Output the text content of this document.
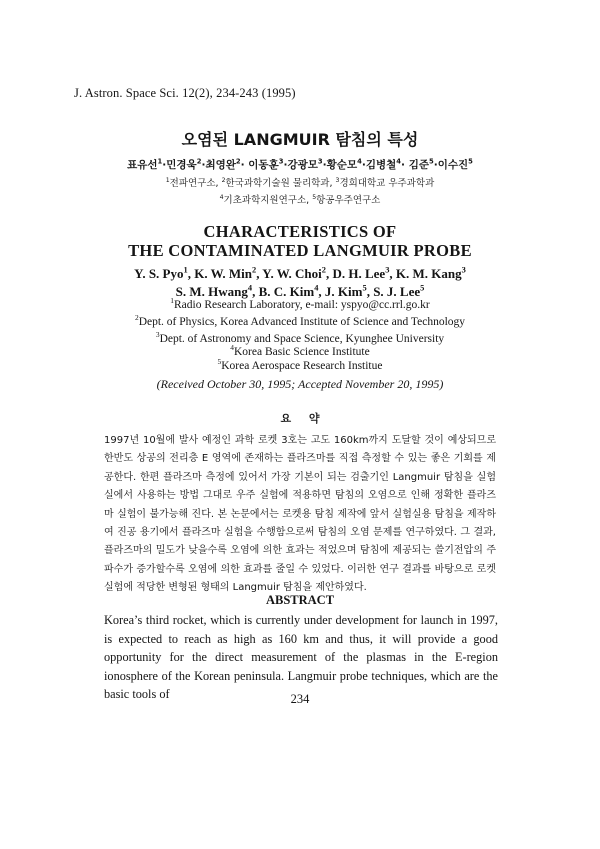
J. Astron. Space Sci. 12(2), 234-243 (1995)
오염된 LANGMUIR 탐침의 특성
표유선$^1$·민경욱$^2$·최영완$^2$· 이동훈$^3$·강광모$^3$·황순모$^4$·김병철$^4$· 김준$^5$·이수진$^5$
$^1$전파연구소, $^2$한국과학기술원 물리학과, $^3$경희대학교 우주과학과
$^4$기초과학지원연구소, $^5$항공우주연구소
CHARACTERISTICS OF
THE CONTAMINATED LANGMUIR PROBE
Y. S. Pyo$^1$, K. W. Min$^2$, Y. W. Choi$^2$, D. H. Lee$^3$, K. M. Kang$^3$
S. M. Hwang$^4$, B. C. Kim$^4$, J. Kim$^5$, S. J. Lee$^5$
$^1$Radio Research Laboratory, e-mail: yspyo@cc.rrl.go.kr
$^2$Dept. of Physics, Korea Advanced Institute of Science and Technology
$^3$Dept. of Astronomy and Space Science, Kyunghee University
$^4$Korea Basic Science Institute
$^5$Korea Aerospace Research Institue
(Received October 30, 1995; Accepted November 20, 1995)
요 약

1997년 10월에 발사 예정인 과학 로켓 3호는 고도 160km까지 도달할 것이 예상되므로 한반도 상공의 전리층 E 영역에 존재하는 플라즈마를 직접 측정할 수 있는 좋은 기회를 제공한다. 한편 플라즈마 측정에 있어서 가장 기본이 되는 검출기인 Langmuir 탐침을 실험실에서 사용하는 방법 그대로 우주 실험에 적용하면 탐침의 오염으로 인해 정확한 플라즈마 실험이 불가능해 진다. 본 논문에서는 로켓용 탐침 제작에 앞서 실험실용 탐침을 제작하여 진공 용기에서 플라즈마 실험을 수행함으로써 탐침의 오염 문제를 연구하였다. 그 결과, 플라즈마의 밀도가 낮을수록 오염에 의한 효과는 적었으며 탐침에 제공되는 쓸기전압의 주파수가 증가할수록 오염에 의한 효과를 줄일 수 있었다. 이러한 연구 결과를 바탕으로 로켓 실험에 적당한 변형된 형태의 Langmuir 탐침을 제안하였다.

ABSTRACT

Korea’s third rocket, which is currently under development for launch in 1997, is expected to reach as high as 160 km and thus, it will provide a good opportunity for the direct measurement of the plasmas in the E-region ionosphere of the Korean peninsula. Langmuir probe techniques, which are the basic tools of	234
